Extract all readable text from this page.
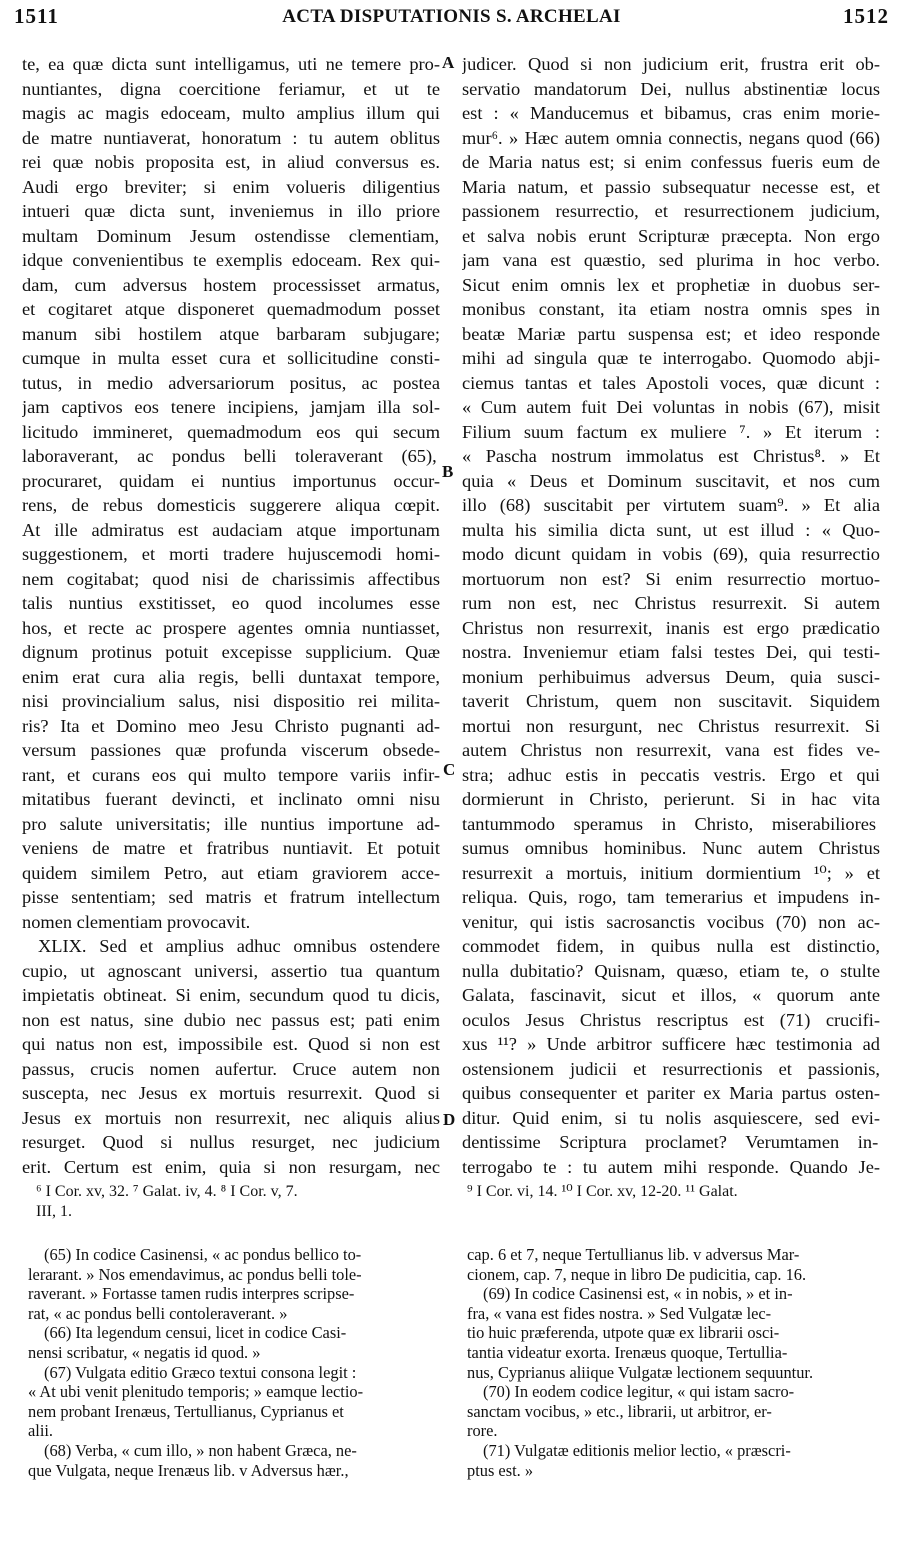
1511	ACTA DISPUTATIONIS S. ARCHELAI	1512
te, ea quæ dicta sunt intelligamus, uti ne temere pro-
nuntiantes, digna coercitione feriamur, et ut te
magis ac magis edoceam, multo amplius illum qui
de matre nuntiaverat, honoratum : tu autem oblitus
rei quæ nobis proposita est, in aliud conversus es.
Audi ergo breviter; si enim volueris diligentius
intueri quæ dicta sunt, inveniemus in illo priore
multam Dominum Jesum ostendisse clementiam,
idque convenientibus te exemplis edoceam. Rex qui-
dam, cum adversus hostem processisset armatus,
et cogitaret atque disponeret quemadmodum posset
manum sibi hostilem atque barbaram subjugare;
cumque in multa esset cura et sollicitudine consti-
tutus, in medio adversariorum positus, ac postea
jam captivos eos tenere incipiens, jamjam illa sol-
licitudo immineret, quemadmodum eos qui secum
laboraverant, ac pondus belli toleraverant (65),
procuraret, quidam ei nuntius importunus occur-
rens, de rebus domesticis suggerere aliqua cœpit.
At ille admiratus est audaciam atque importunam
suggestionem, et morti tradere hujuscemodi homi-
nem cogitabat; quod nisi de charissimis affectibus
talis nuntius exstitisset, eo quod incolumes esse
hos, et recte ac prospere agentes omnia nuntiasset,
dignum protinus potuit excepisse supplicium. Quæ
enim erat cura alia regis, belli duntaxat tempore,
nisi provincialium salus, nisi dispositio rei milita-
ris? Ita et Domino meo Jesu Christo pugnanti ad-
versum passiones quæ profunda viscerum obsede-
rant, et curans eos qui multo tempore variis infir-
mitatibus fuerant devincti, et inclinato omni nisu
pro salute universitatis; ille nuntius importune ad-
veniens de matre et fratribus nuntiavit. Et potuit
quidem similem Petro, aut etiam graviorem acce-
pisse sententiam; sed matris et fratrum intellectum
nomen clementiam provocavit.
XLIX. Sed et amplius adhuc omnibus ostendere
cupio, ut agnoscant universi, assertio tua quantum
impietatis obtineat. Si enim, secundum quod tu dicis,
non est natus, sine dubio nec passus est; pati enim
qui natus non est, impossibile est. Quod si non est
passus, crucis nomen aufertur. Cruce autem non
suscepta, nec Jesus ex mortuis resurrexit. Quod si
Jesus ex mortuis non resurrexit, nec aliquis alius
resurget. Quod si nullus resurget, nec judicium
erit. Certum est enim, quia si non resurgam, nec
judicer. Quod si non judicium erit, frustra erit ob-
servatio mandatorum Dei, nullus abstinentiæ locus
est : « Manducemus et bibamus, cras enim morie-
mur⁶. » Hæc autem omnia connectis, negans quod (66)
de Maria natus est; si enim confessus fueris eum de
Maria natum, et passio subsequatur necesse est, et
passionem resurrectio, et resurrectionem judicium,
et salva nobis erunt Scripturæ præcepta. Non ergo
jam vana est quæstio, sed plurima in hoc verbo.
Sicut enim omnis lex et prophetiæ in duobus ser-
monibus constant, ita etiam nostra omnis spes in
beatæ Mariæ partu suspensa est; et ideo responde
mihi ad singula quæ te interrogabo. Quomodo abji-
ciemus tantas et tales Apostoli voces, quæ dicunt :
« Cum autem fuit Dei voluntas in nobis (67), misit
Filium suum factum ex muliere ⁷. » Et iterum :
« Pascha nostrum immolatus est Christus⁸. » Et
quia « Deus et Dominum suscitavit, et nos cum
illo (68) suscitabit per virtutem suam⁹. » Et alia
multa his similia dicta sunt, ut est illud : « Quo-
modo dicunt quidam in vobis (69), quia resurrectio
mortuorum non est? Si enim resurrectio mortuo-
rum non est, nec Christus resurrexit. Si autem
Christus non resurrexit, inanis est ergo prædicatio
nostra. Inveniemur etiam falsi testes Dei, qui testi-
monium perhibuimus adversus Deum, quia susci-
taverit Christum, quem non suscitavit. Siquidem
mortui non resurgunt, nec Christus resurrexit. Si
autem Christus non resurrexit, vana est fides ve-
stra; adhuc estis in peccatis vestris. Ergo et qui
dormierunt in Christo, perierunt. Si in hac vita
tantummodo speramus in Christo, miserabiliores
sumus omnibus hominibus. Nunc autem Christus
resurrexit a mortuis, initium dormientium ¹⁰; » et
reliqua. Quis, rogo, tam temerarius et impudens in-
venitur, qui istis sacrosanctis vocibus (70) non ac-
commodet fidem, in quibus nulla est distinctio,
nulla dubitatio? Quisnam, quæso, etiam te, o stulte
Galata, fascinavit, sicut et illos, « quorum ante
oculos Jesus Christus rescriptus est (71) crucifi-
xus ¹¹? » Unde arbitror sufficere hæc testimonia ad
ostensionem judicii et resurrectionis et passionis,
quibus consequenter et pariter ex Maria partus osten-
ditur. Quid enim, si tu nolis asquiescere, sed evi-
dentissime Scriptura proclamet? Verumtamen in-
terrogabo te : tu autem mihi responde. Quando Je-
A
B
C
D
⁶ I Cor. xv, 32. ⁷ Galat. iv, 4. ⁸ I Cor. v, 7.
III, 1.
⁹ I Cor. vi, 14. ¹⁰ I Cor. xv, 12-20. ¹¹ Galat.
(65) In codice Casinensi, « ac pondus bellico to-
lerarant. » Nos emendavimus, ac pondus belli tole-
raverant. » Fortasse tamen rudis interpres scripse-
rat, « ac pondus belli contoleraverant. »
(66) Ita legendum censui, licet in codice Casi-
nensi scribatur, « negatis id quod. »
(67) Vulgata editio Græco textui consona legit :
« At ubi venit plenitudo temporis; » eamque lectio-
nem probant Irenæus, Tertullianus, Cyprianus et
alii.
(68) Verba, « cum illo, » non habent Græca, ne-
que Vulgata, neque Irenæus lib. v Adversus hær.,
cap. 6 et 7, neque Tertullianus lib. v adversus Mar-
cionem, cap. 7, neque in libro De pudicitia, cap. 16.
(69) In codice Casinensi est, « in nobis, » et in-
fra, « vana est fides nostra. » Sed Vulgatæ lec-
tio huic præferenda, utpote quæ ex librarii osci-
tantia videatur exorta. Irenæus quoque, Tertullia-
nus, Cyprianus aliique Vulgatæ lectionem sequuntur.
(70) In eodem codice legitur, « qui istam sacro-
sanctam vocibus, » etc., librarii, ut arbitror, er-
rore.
(71) Vulgatæ editionis melior lectio, « præscri-
ptus est. »
